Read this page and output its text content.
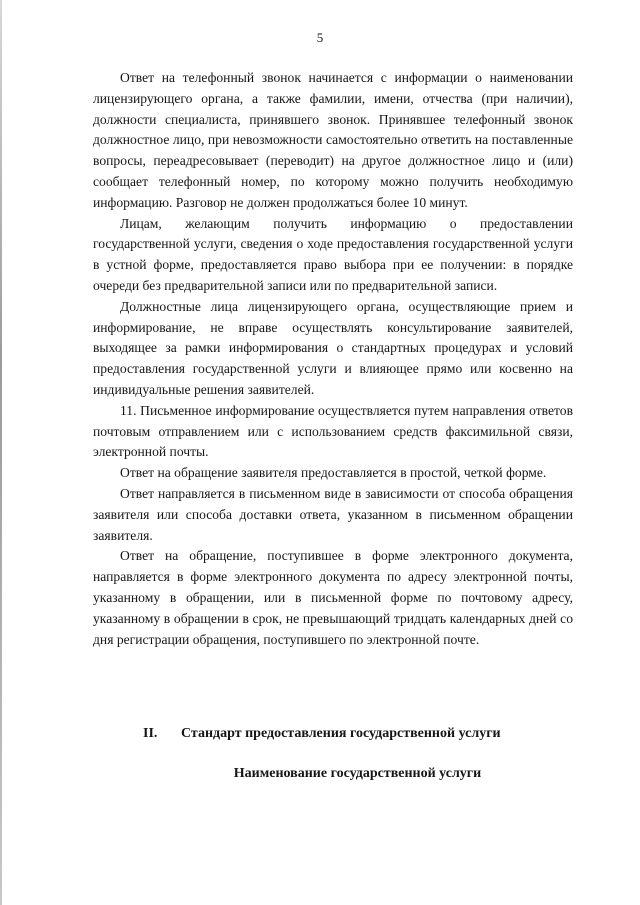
5

Ответ на телефонный звонок начинается с информации о наименовании лицензирующего органа, а также фамилии, имени, отчества (при наличии), должности специалиста, принявшего звонок. Принявшее телефонный звонок должностное лицо, при невозможности самостоятельно ответить на поставленные вопросы, переадресовывает (переводит) на другое должностное лицо и (или) сообщает телефонный номер, по которому можно получить необходимую информацию. Разговор не должен продолжаться более 10 минут.

Лицам, желающим получить информацию о предоставлении государственной услуги, сведения о ходе предоставления государственной услуги в устной форме, предоставляется право выбора при ее получении: в порядке очереди без предварительной записи или по предварительной записи.

Должностные лица лицензирующего органа, осуществляющие прием и информирование, не вправе осуществлять консультирование заявителей, выходящее за рамки информирования о стандартных процедурах и условий предоставления государственной услуги и влияющее прямо или косвенно на индивидуальные решения заявителей.

11. Письменное информирование осуществляется путем направления ответов почтовым отправлением или с использованием средств факсимильной связи, электронной почты.

Ответ на обращение заявителя предоставляется в простой, четкой форме.

Ответ направляется в письменном виде в зависимости от способа обращения заявителя или способа доставки ответа, указанном в письменном обращении заявителя.

Ответ на обращение, поступившее в форме электронного документа, направляется в форме электронного документа по адресу электронной почты, указанному в обращении, или в письменной форме по почтовому адресу, указанному в обращении в срок, не превышающий тридцать календарных дней со дня регистрации обращения, поступившего по электронной почте.

II. Стандарт предоставления государственной услуги
Наименование государственной услуги
